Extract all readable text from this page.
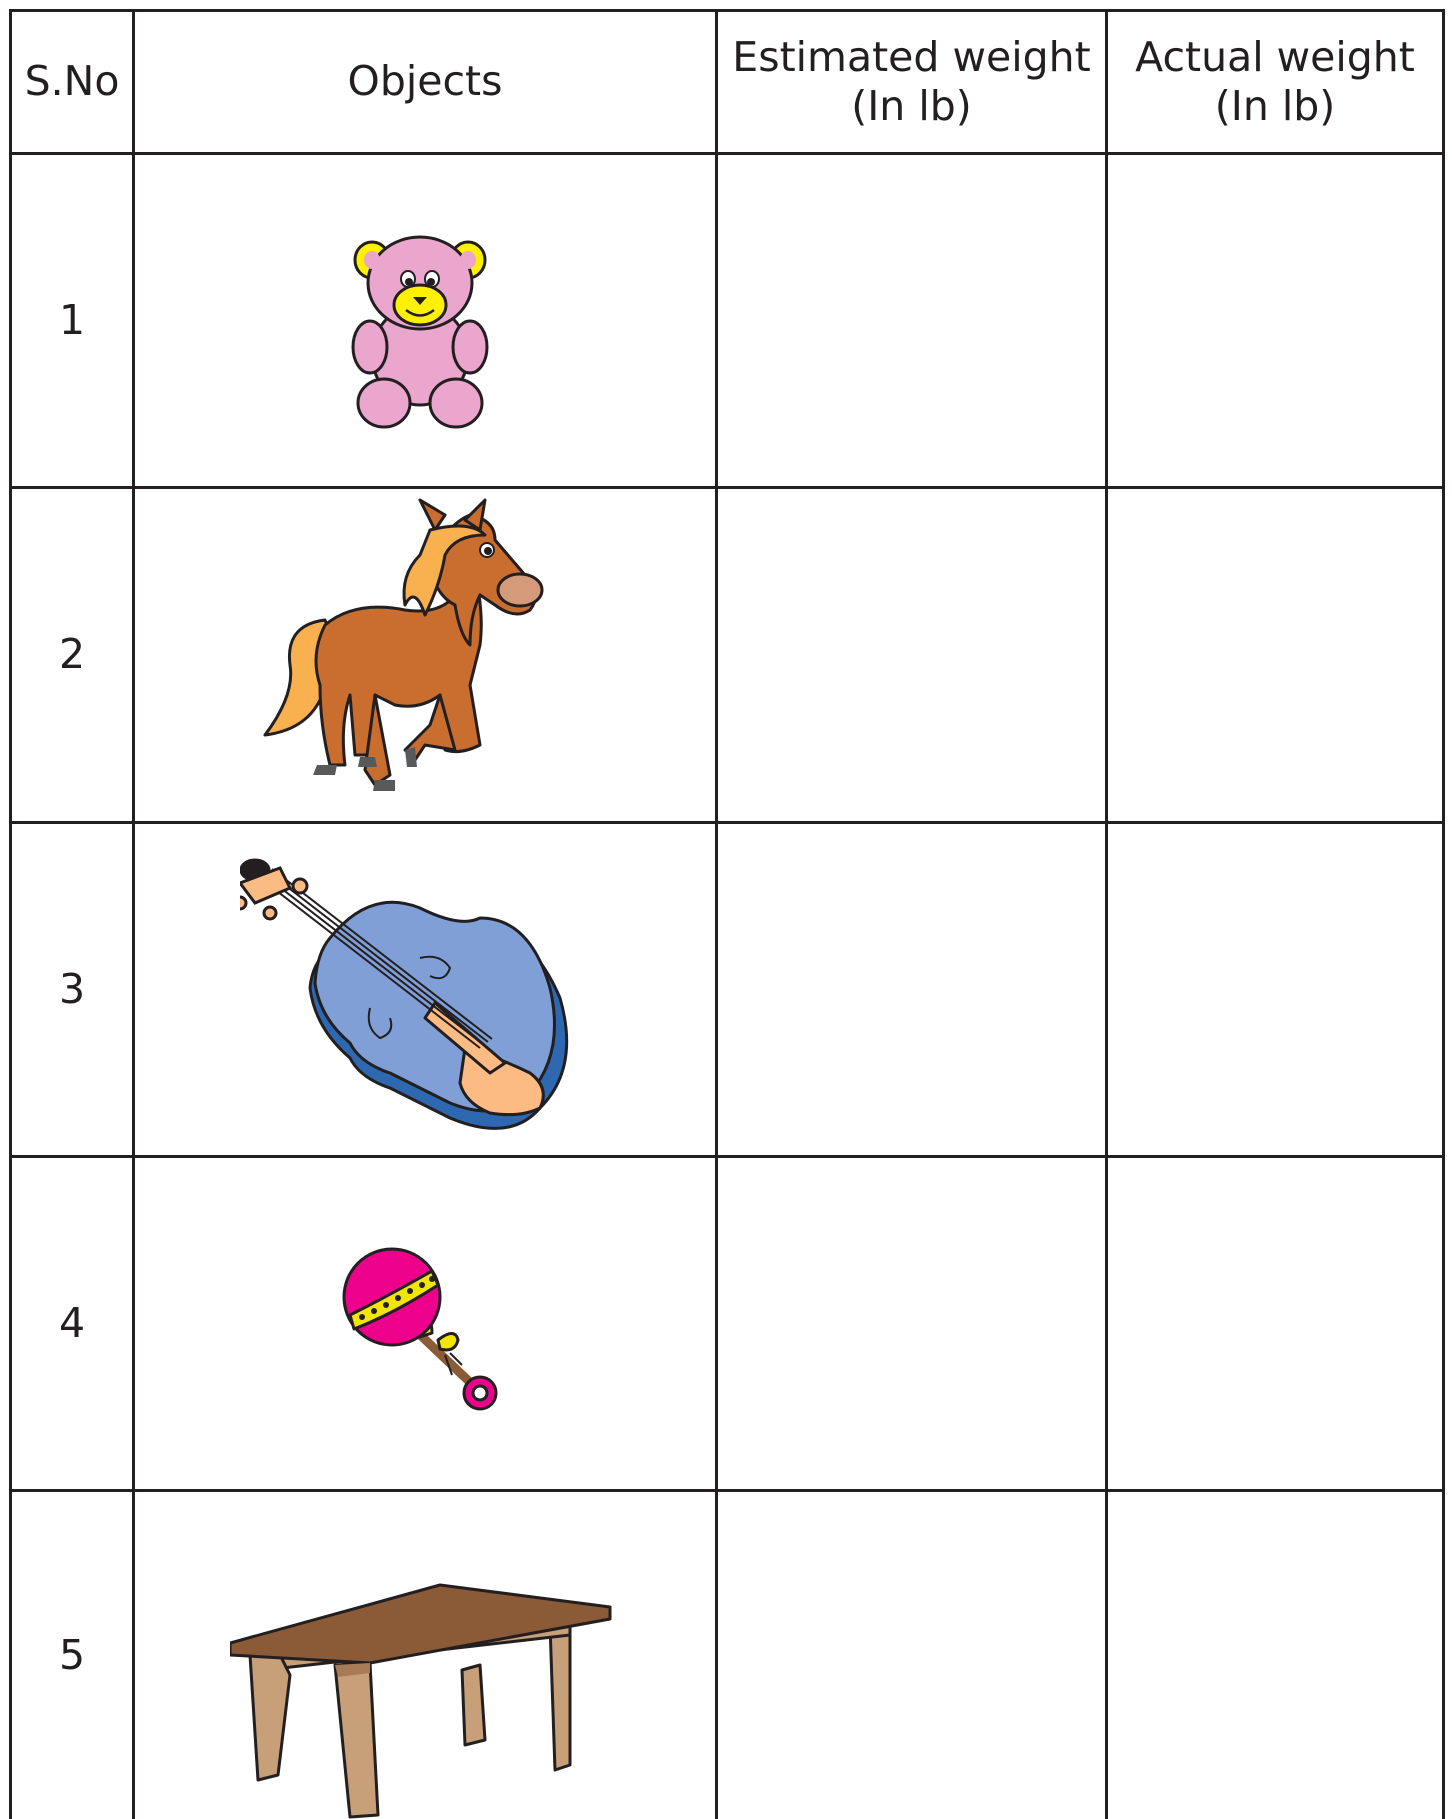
S.No	Objects
Estimated weight
(In lb)
Actual weight
(In lb)
1
2
3
4
5
